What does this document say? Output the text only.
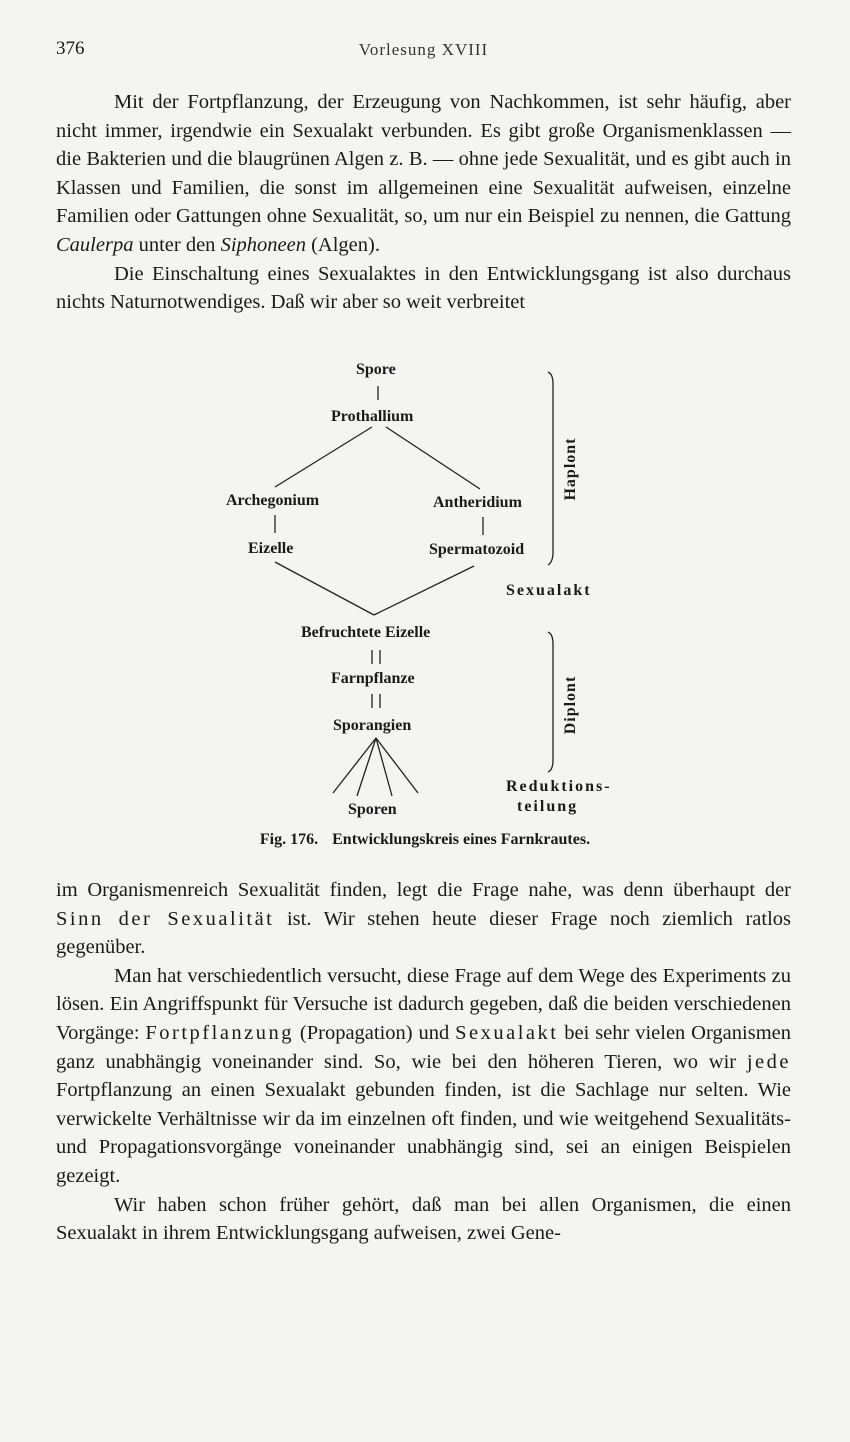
376	Vorlesung XVIII

Mit der Fortpflanzung, der Erzeugung von Nachkommen, ist sehr häufig, aber nicht immer, irgendwie ein Sexualakt verbunden. Es gibt große Organismenklassen — die Bakterien und die blaugrünen Algen z. B. — ohne jede Sexualität, und es gibt auch in Klassen und Familien, die sonst im allgemeinen eine Sexualität aufweisen, einzelne Familien oder Gattungen ohne Sexualität, so, um nur ein Beispiel zu nennen, die Gattung Caulerpa unter den Siphoneen (Algen).

Die Einschaltung eines Sexualaktes in den Entwicklungsgang ist also durchaus nichts Naturnotwendiges. Daß wir aber so weit verbreitet

Spore
Prothallium
Archegonium	Antheridium
Eizelle	Spermatozoid
Befruchtete Eizelle
Farnpflanze
Sporangien
Sporen
Haplont
Diplont
Sexualakt
Reduktions-
teilung
Fig. 176. Entwicklungskreis eines Farnkrautes.

im Organismenreich Sexualität finden, legt die Frage nahe, was denn überhaupt der Sinn der Sexualität ist. Wir stehen heute dieser Frage noch ziemlich ratlos gegenüber.

Man hat verschiedentlich versucht, diese Frage auf dem Wege des Experiments zu lösen. Ein Angriffspunkt für Versuche ist dadurch gegeben, daß die beiden verschiedenen Vorgänge: Fortpflanzung (Propagation) und Sexualakt bei sehr vielen Organismen ganz unabhängig voneinander sind. So, wie bei den höheren Tieren, wo wir jede Fortpflanzung an einen Sexualakt gebunden finden, ist die Sachlage nur selten. Wie verwickelte Verhältnisse wir da im einzelnen oft finden, und wie weitgehend Sexualitäts- und Propagationsvorgänge voneinander unabhängig sind, sei an einigen Beispielen gezeigt.

Wir haben schon früher gehört, daß man bei allen Organismen, die einen Sexualakt in ihrem Entwicklungsgang aufweisen, zwei Gene-
